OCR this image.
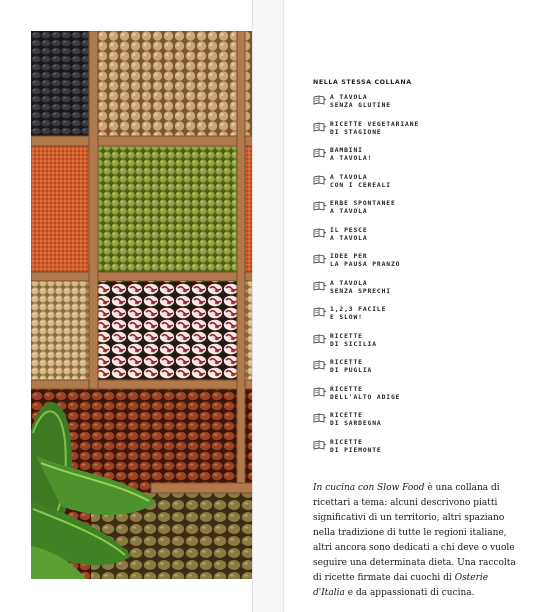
NELLA STESSA COLLANA

A TAVOLA
SENZA GLUTINE
RICETTE VEGETARIANE
DI STAGIONE
BAMBINI
A TAVOLA!
A TAVOLA
CON I CEREALI
ERBE SPONTANEE
A TAVOLA
IL PESCE
A TAVOLA
IDEE PER
LA PAUSA PRANZO
A TAVOLA
SENZA SPRECHI
1,2,3 FACILE
E SLOW!
RICETTE
DI SICILIA
RICETTE
DI PUGLIA
RICETTE
DELL'ALTO ADIGE
RICETTE
DI SARDEGNA
RICETTE
DI PIEMONTE

In cucina con Slow Food è una collana di ricettari a tema: alcuni descrivono piatti significativi di un territorio, altri spaziano nella tradizione di tutte le regioni italiane, altri ancora sono dedicati a chi deve o vuole seguire una determinata dieta. Una raccolta di ricette firmate dai cuochi di Osterie d'Italia e da appassionati di cucina.
